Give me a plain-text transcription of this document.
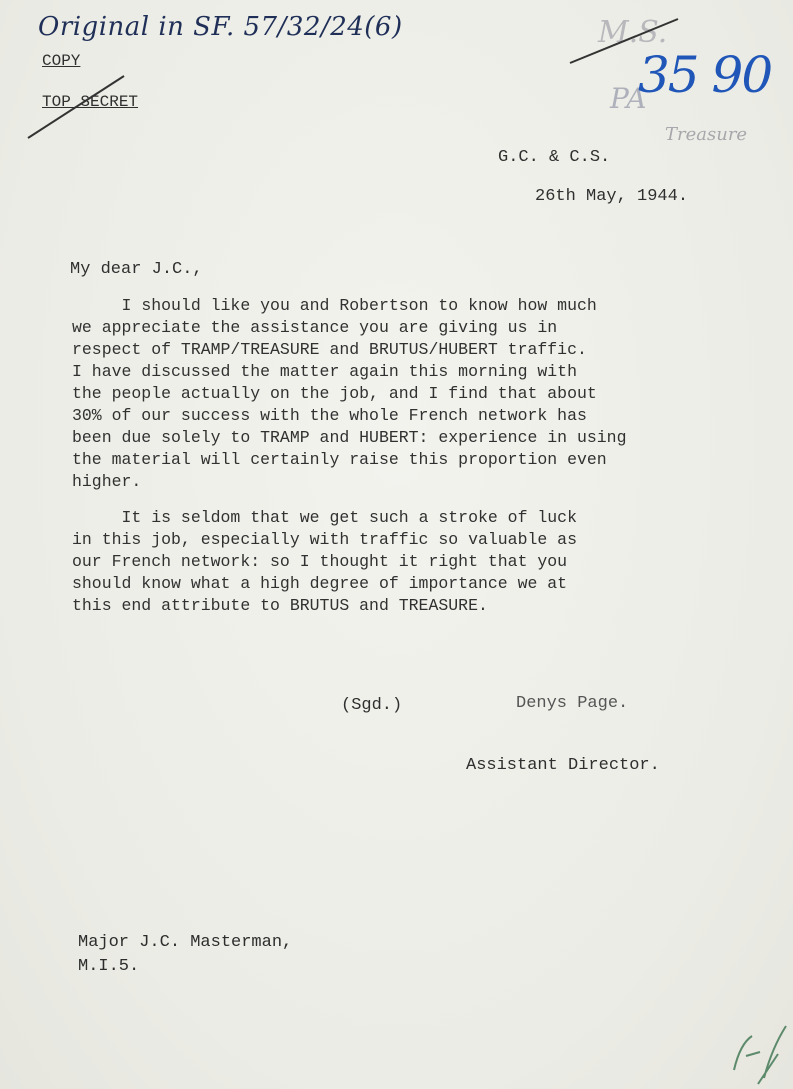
Original in SF. 57/32/24(6)	M.S.
PA
35 90
Treasure
COPY
TOP SECRET
G.C. & C.S.
26th May, 1944.
My dear J.C.,

I should like you and Robertson to know how much
we appreciate the assistance you are giving us in
respect of TRAMP/TREASURE and BRUTUS/HUBERT traffic.
I have discussed the matter again this morning with
the people actually on the job, and I find that about
30% of our success with the whole French network has
been due solely to TRAMP and HUBERT: experience in using
the material will certainly raise this proportion even
higher.

It is seldom that we get such a stroke of luck
in this job, especially with traffic so valuable as
our French network: so I thought it right that you
should know what a high degree of importance we at
this end attribute to BRUTUS and TREASURE.

(Sgd.)	Denys Page.
Assistant Director.
Major J.C. Masterman,
M.I.5.
